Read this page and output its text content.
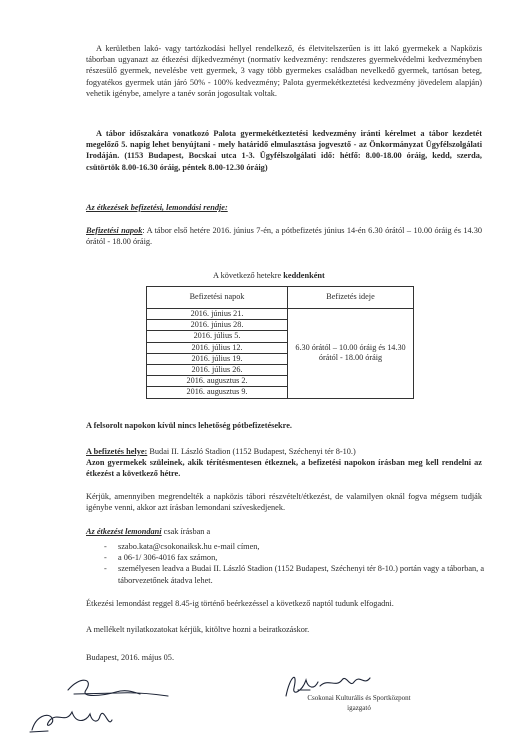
A kerületben lakó- vagy tartózkodási hellyel rendelkező, és életvitelszerűen is itt lakó gyermekek a Napközis táborban ugyanazt az étkezési díjkedvezményt (normatív kedvezmény: rendszeres gyermekvédelmi kedvezményben részesülő gyermek, nevelésbe vett gyermek, 3 vagy több gyermekes családban nevelkedő gyermek, tartósan beteg, fogyatékos gyermek után járó 50% - 100% kedvezmény; Palota gyermekétkeztetési kedvezmény jövedelem alapján) vehetik igénybe, amelyre a tanév során jogosultak voltak.

A tábor időszakára vonatkozó Palota gyermekétkeztetési kedvezmény iránti kérelmet a tábor kezdetét megelőző 5. napig lehet benyújtani - mely határidő elmulasztása jogvesztő - az Önkormányzat Ügyfélszolgálati Irodáján. (1153 Budapest, Bocskai utca 1-3. Ügyfélszolgálati idő: hétfő: 8.00-18.00 óráig, kedd, szerda, csütörtök 8.00-16.30 óráig, péntek 8.00-12.30 óráig)

Az étkezések befizetési, lemondási rendje:

Befizetési napok: A tábor első hetére 2016. június 7-én, a pótbefizetés június 14-én 6.30 órától – 10.00 óráig és 14.30 órától - 18.00 óráig.

A következő hetekre keddenként

Befizetési napok	Befizetés ideje
2016. június 21.	6.30 órától – 10.00 óráig és 14.30 órától - 18.00 óráig
2016. június 28.	
2016. július 5.	
2016. július 12.	
2016. július 19.	
2016. július 26.	
2016. augusztus 2.	
2016. augusztus 9.	

A felsorolt napokon kívül nincs lehetőség pótbefizetésekre.

A befizetés helye: Budai II. László Stadion (1152 Budapest, Széchenyi tér 8-10.)

Azon gyermekek szüleinek, akik térítésmentesen étkeznek, a befizetési napokon írásban meg kell rendelni az étkezést a következő hétre.

Kérjük, amennyiben megrendelték a napközis tábori részvételt/étkezést, de valamilyen oknál fogva mégsem tudják igénybe venni, akkor azt írásban lemondani szíveskedjenek.

Az étkezést lemondani csak írásban a

-	szabo.kata@csokonaiksk.hu e-mail címen,
-	a 06-1/ 306-4016 fax számon,
-	személyesen leadva a Budai II. László Stadion (1152 Budapest, Széchenyi tér 8-10.) portán vagy a táborban, a táborvezetőnek átadva lehet.

Étkezési lemondást reggel 8.45-ig történő beérkezéssel a következő naptól tudunk elfogadni.

A mellékelt nyilatkozatokat kérjük, kitöltve hozni a beiratkozáskor.

Budapest, 2016. május 05.

Csokonai Kulturális és Sportközpont
igazgató
